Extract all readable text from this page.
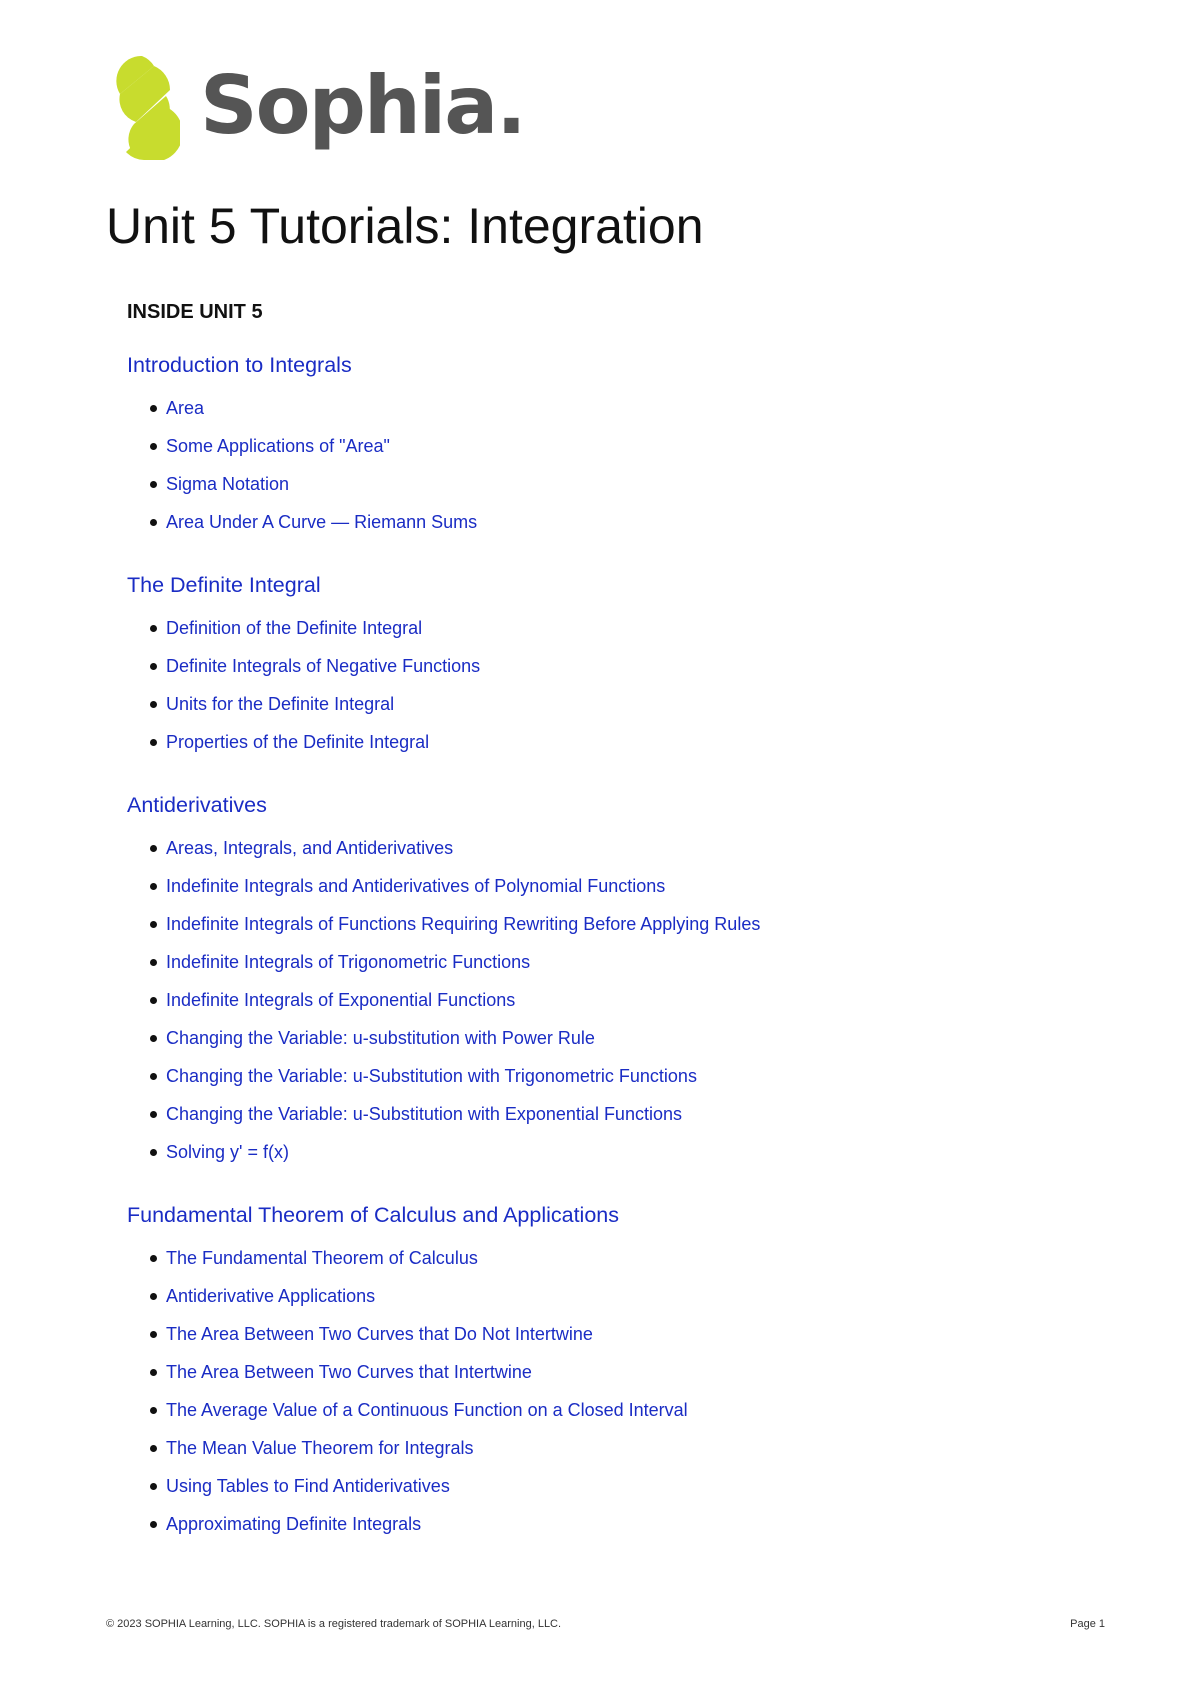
Sophia.
Unit 5 Tutorials: Integration
INSIDE UNIT 5
Introduction to Integrals
Area
Some Applications of "Area"
Sigma Notation
Area Under A Curve — Riemann Sums
The Definite Integral
Definition of the Definite Integral
Definite Integrals of Negative Functions
Units for the Definite Integral
Properties of the Definite Integral
Antiderivatives
Areas, Integrals, and Antiderivatives
Indefinite Integrals and Antiderivatives of Polynomial Functions
Indefinite Integrals of Functions Requiring Rewriting Before Applying Rules
Indefinite Integrals of Trigonometric Functions
Indefinite Integrals of Exponential Functions
Changing the Variable: u-substitution with Power Rule
Changing the Variable: u-Substitution with Trigonometric Functions
Changing the Variable: u-Substitution with Exponential Functions
Solving y' = f(x)
Fundamental Theorem of Calculus and Applications
The Fundamental Theorem of Calculus
Antiderivative Applications
The Area Between Two Curves that Do Not Intertwine
The Area Between Two Curves that Intertwine
The Average Value of a Continuous Function on a Closed Interval
The Mean Value Theorem for Integrals
Using Tables to Find Antiderivatives
Approximating Definite Integrals
© 2023 SOPHIA Learning, LLC. SOPHIA is a registered trademark of SOPHIA Learning, LLC.	Page 1
